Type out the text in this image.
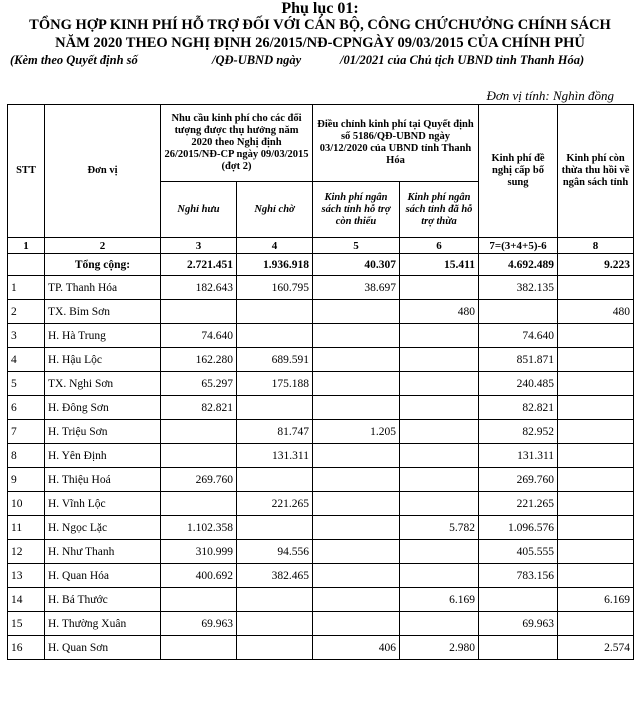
Phụ lục 01:
TỔNG HỢP KINH PHÍ HỖ TRỢ ĐỐI VỚI CÁN BỘ, CÔNG CHỨCHƯỞNG CHÍNH SÁCH
NĂM 2020 THEO NGHỊ ĐỊNH 26/2015/NĐ-CPNGÀY 09/03/2015 CỦA CHÍNH PHỦ
(Kèm theo Quyết định số	/QĐ-UBND ngày	/01/2021 của Chủ tịch UBND tỉnh Thanh Hóa)
Đơn vị tính: Nghìn đồng
STT	Đơn vị	Nhu cầu kinh phí cho các đối tượng được thụ hưởng năm 2020 theo Nghị định 26/2015/NĐ-CP ngày 09/03/2015 (đợt 2)		Điều chỉnh kinh phí tại Quyết định số 5186/QĐ-UBND ngày 03/12/2020 của UBND tỉnh Thanh Hóa		Kinh phí đề nghị cấp bổ sung	Kinh phí còn thừa thu hồi về ngân sách tỉnh
		Nghỉ hưu	Nghỉ chờ	Kinh phí ngân sách tỉnh hỗ trợ còn thiếu	Kinh phí ngân sách tỉnh đã hỗ trợ thừa		
1	2	3	4	5	6	7=(3+4+5)-6	8
	Tổng cộng:	2.721.451	1.936.918	40.307	15.411	4.692.489	9.223
1	TP. Thanh Hóa	182.643	160.795	38.697		382.135	
2	TX. Bỉm Sơn				480		480
3	H. Hà Trung	74.640				74.640	
4	H. Hậu Lộc	162.280	689.591			851.871	
5	TX. Nghi Sơn	65.297	175.188			240.485	
6	H. Đông Sơn	82.821				82.821	
7	H. Triệu Sơn		81.747	1.205		82.952	
8	H. Yên Định		131.311			131.311	
9	H. Thiệu Hoá	269.760				269.760	
10	H. Vĩnh Lộc		221.265			221.265	
11	H. Ngọc Lặc	1.102.358			5.782	1.096.576	
12	H. Như Thanh	310.999	94.556			405.555	
13	H. Quan Hóa	400.692	382.465			783.156	
14	H. Bá Thước				6.169		6.169
15	H. Thường Xuân	69.963				69.963	
16	H. Quan Sơn			406	2.980		2.574
